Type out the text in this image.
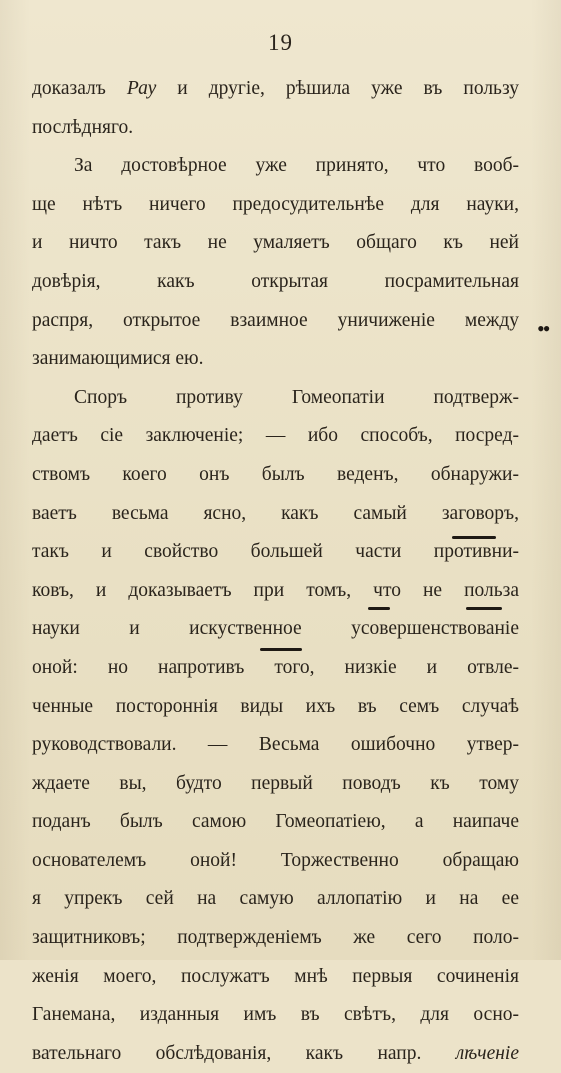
19
доказалъ Рау и другіе, рѣшила уже въ пользу
послѣдняго.
За достовѣрное уже принято, что вооб-
ще нѣтъ ничего предосудительнѣе для науки,
и ничто такъ не умаляетъ общаго къ ней
довѣрія, какъ открытая посрамительная
распря, открытое взаимное уничиженіе между
занимающимися ею.
Споръ противу Гомеопатіи подтверж-
даетъ сіе заключеніе; — ибо способъ, посред-
ствомъ коего онъ былъ веденъ, обнаружи-
ваетъ весьма ясно, какъ самый заговоръ,
такъ и свойство большей части противни-
ковъ, и доказываетъ при томъ, что не польза
науки и искуственное усовершенствованіе
оной: но напротивъ того, низкіе и отвле-
ченные постороннія виды ихъ въ семъ случаѣ
руководствовали. — Весьма ошибочно утвер-
ждаете вы, будто первый поводъ къ тому
поданъ былъ самою Гомеопатіею, а наипаче
основателемъ оной! Торжественно обращаю
я упрекъ сей на самую аллопатію и на ее
защитниковъ; подтвержденіемъ же сего поло-
женія моего, послужатъ мнѣ первыя сочиненія
Ганемана, изданныя имъ въ свѣтъ, для осно-
вательнаго обслѣдованія, какъ напр. лѣченіе
••
